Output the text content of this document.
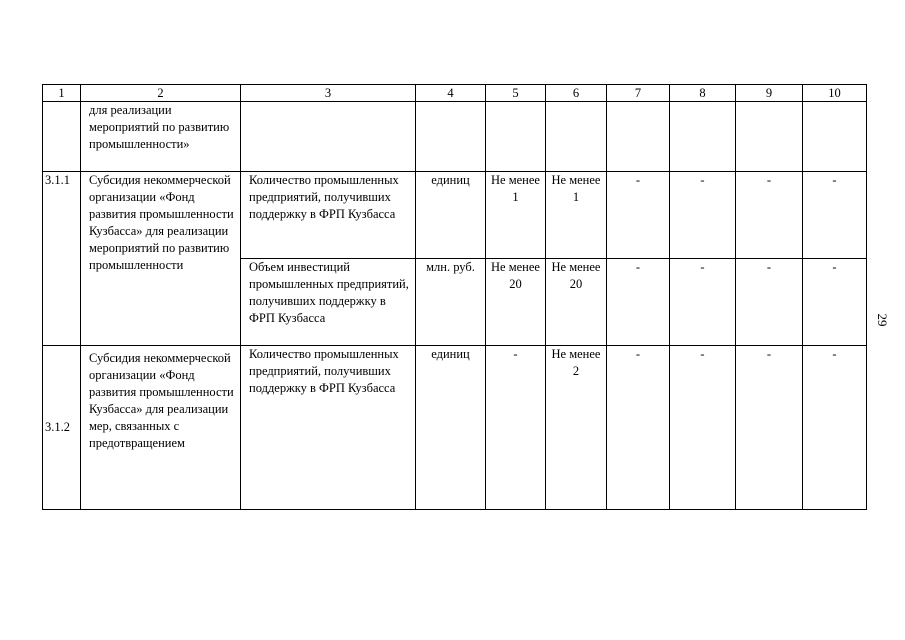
1	2	3	4	5	6	7	8	9	10
	для реализации мероприятий по развитию промышленности»								
3.1.1	Субсидия некоммерческой организации «Фонд развития промышленности Кузбасса» для реализации мероприятий по развитию промышленности	Количество промышленных предприятий, получивших поддержку в ФРП Кузбасса	единиц	Не менее 1	Не менее 1	-	-	-	-
		Объем инвестиций промышленных предприятий, получивших поддержку в ФРП Кузбасса	млн. руб.	Не менее 20	Не менее 20	-	-	-	-
3.1.2	Субсидия некоммерческой организации «Фонд развития промышленности Кузбасса» для реализации мер, связанных с предотвращением	Количество промышленных предприятий, получивших поддержку в ФРП Кузбасса	единиц	-	Не менее 2	-	-	-	-
29
